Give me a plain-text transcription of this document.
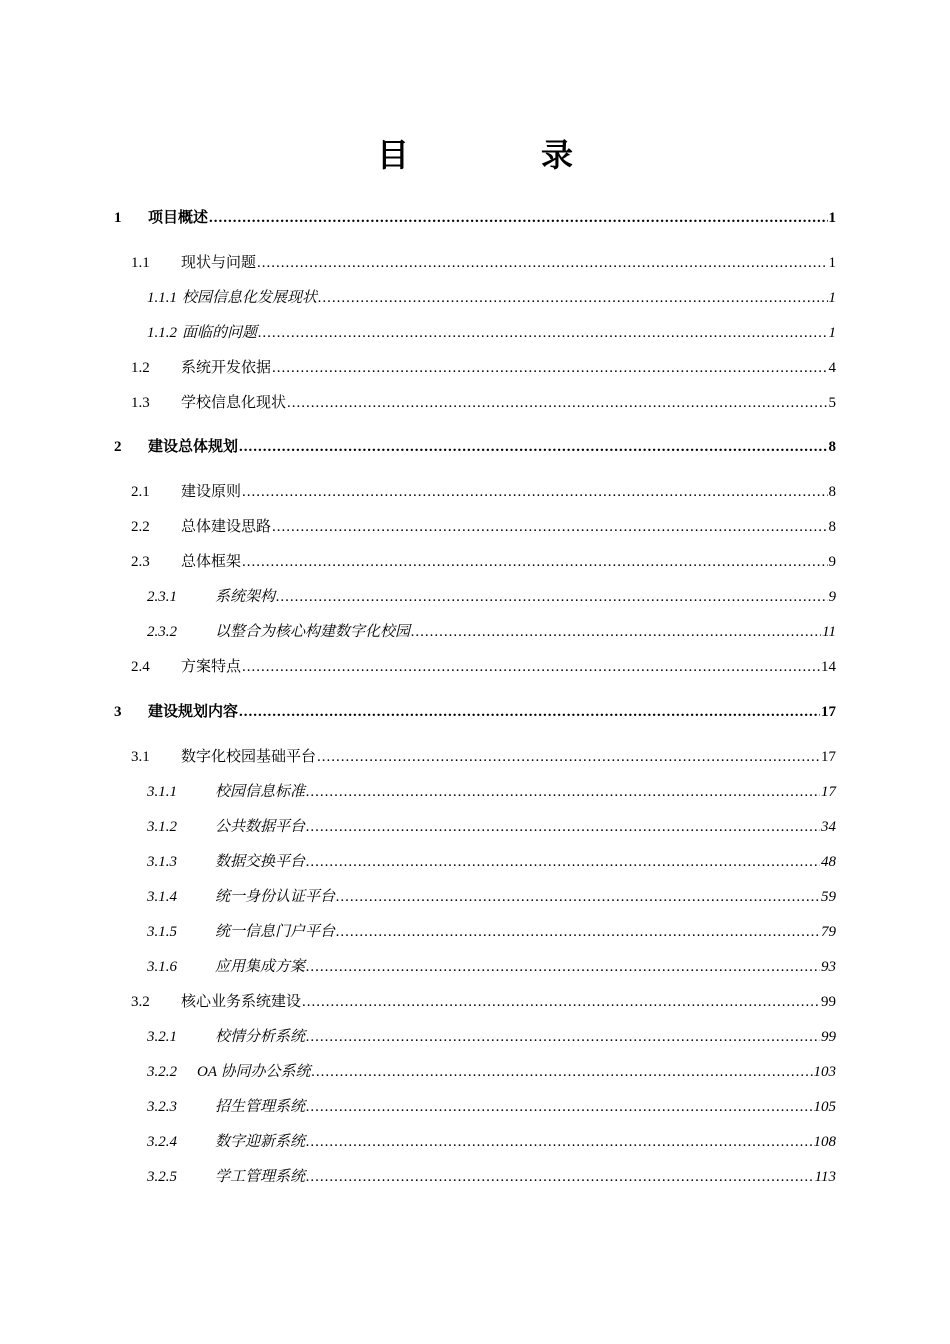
目　录
1	项目概述 .....	1
1.1	现状与问题 .....	1
1.1.1 校园信息化发展现状 .....	1
1.1.2 面临的问题 .....	1
1.2	系统开发依据 .....	4
1.3	学校信息化现状 .....	5
2	建设总体规划 .....	8
2.1	建设原则 .....	8
2.2	总体建设思路 .....	8
2.3	总体框架 .....	9
2.3.1	系统架构 .....	9
2.3.2	以整合为核心构建数字化校园 .....	11
2.4	方案特点 .....	14
3	建设规划内容 .....	17
3.1	数字化校园基础平台 .....	17
3.1.1	校园信息标准 .....	17
3.1.2	公共数据平台 .....	34
3.1.3	数据交换平台 .....	48
3.1.4	统一身份认证平台 .....	59
3.1.5	统一信息门户平台 .....	79
3.1.6	应用集成方案 .....	93
3.2	核心业务系统建设 .....	99
3.2.1	校情分析系统 .....	99
3.2.2	OA 协同办公系统 .....	103
3.2.3	招生管理系统 .....	105
3.2.4	数字迎新系统 .....	108
3.2.5	学工管理系统 .....	113
